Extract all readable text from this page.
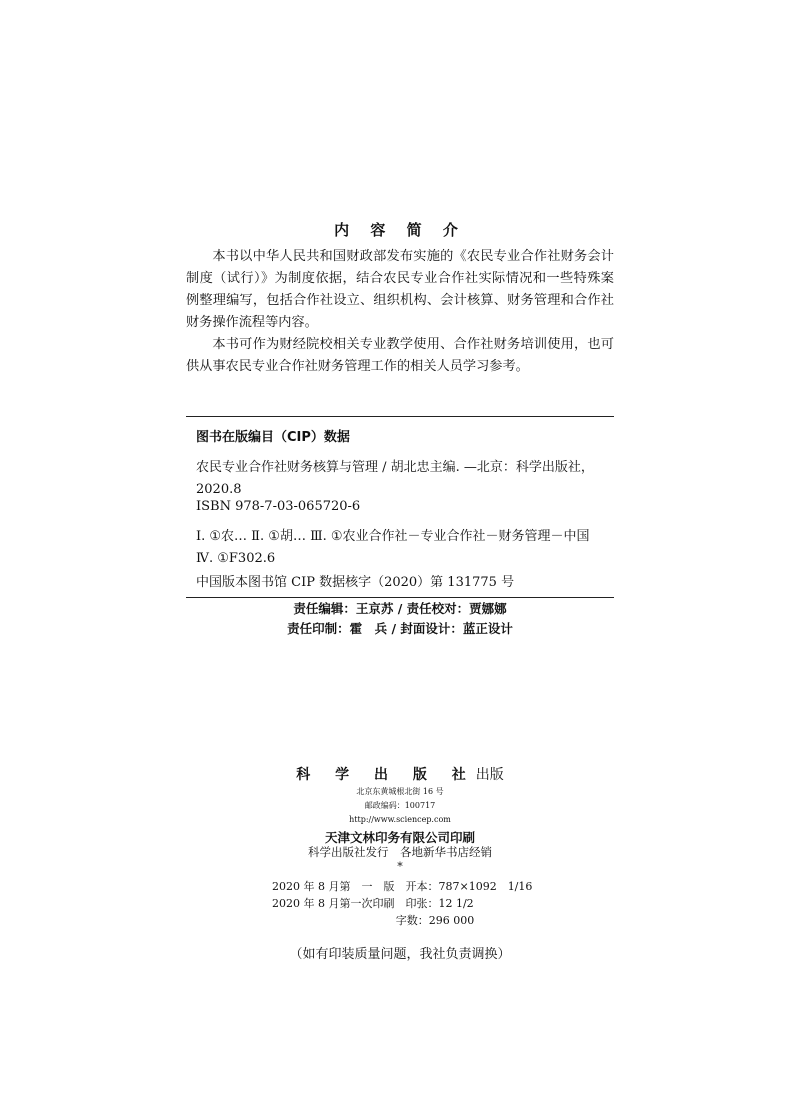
内 容 简 介

本书以中华人民共和国财政部发布实施的《农民专业合作社财务会计制度（试行）》为制度依据，结合农民专业合作社实际情况和一些特殊案例整理编写，包括合作社设立、组织机构、会计核算、财务管理和合作社财务操作流程等内容。

本书可作为财经院校相关专业教学使用、合作社财务培训使用，也可供从事农民专业合作社财务管理工作的相关人员学习参考。

图书在版编目（CIP）数据
农民专业合作社财务核算与管理 / 胡北忠主编. —北京：科学出版社，2020.8
ISBN 978-7-03-065720-6
Ⅰ. ①农… Ⅱ. ①胡… Ⅲ. ①农业合作社－专业合作社－财务管理－中国 Ⅳ. ①F302.6
中国版本图书馆 CIP 数据核字（2020）第 131775 号
责任编辑：王京苏 / 责任校对：贾娜娜
责任印制：霍　兵 / 封面设计：蓝正设计
科 学 出 版 社出版
北京东黄城根北街 16 号
邮政编码：100717
http://www.sciencep.com
天津文林印务有限公司印刷
科学出版社发行　各地新华书店经销
*
2020 年 8 月第　一　版　开本：787×1092　1/16
2020 年 8 月第一次印刷　印张：12 1/2
字数：296 000
（如有印装质量问题，我社负责调换）
